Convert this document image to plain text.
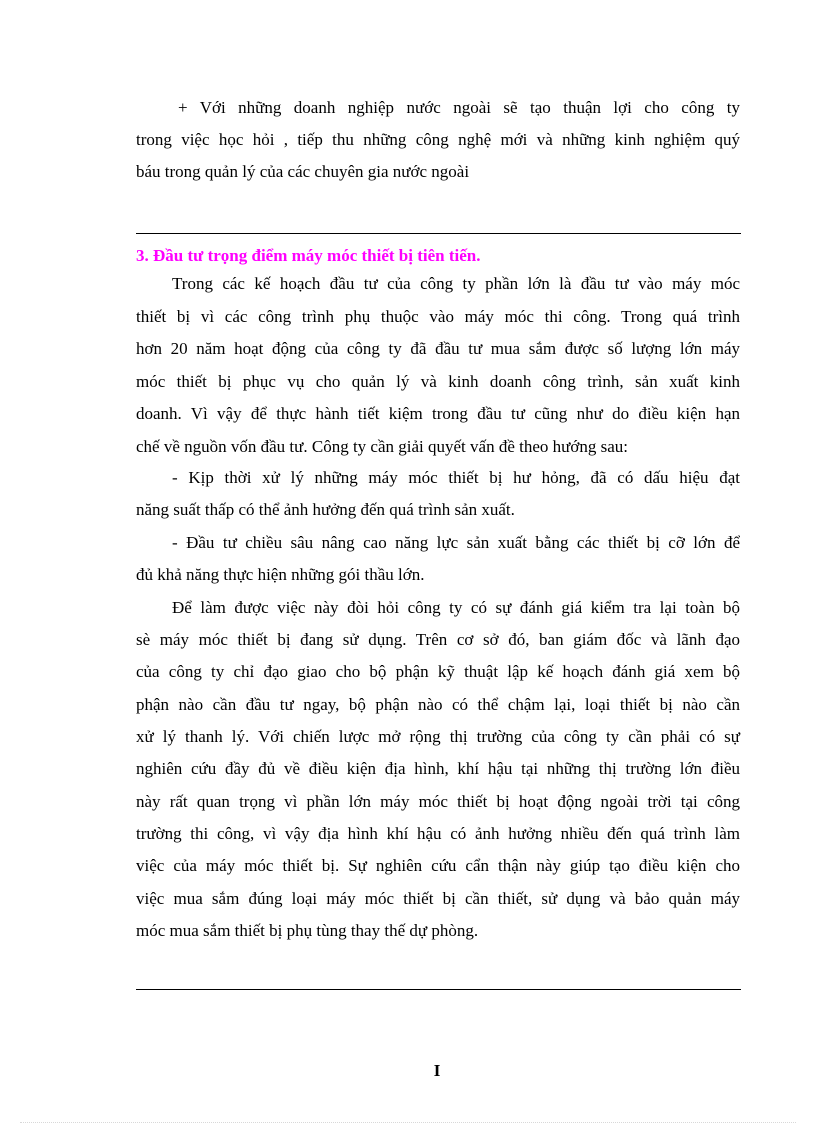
+ Với những doanh nghiệp nước ngoài sẽ tạo thuận lợi cho công ty
trong việc học hỏi , tiếp thu những công nghệ mới và những kinh nghiệm quý
báu trong quản lý của các chuyên gia nước ngoài
3. Đầu tư trọng điểm máy móc thiết bị tiên tiến.
Trong các kế hoạch đầu tư của công ty phần lớn là đầu tư vào máy móc
thiết bị vì các công trình phụ thuộc vào máy móc thi công. Trong quá trình
hơn 20 năm hoạt động của công ty đã đầu tư mua sắm được số lượng lớn máy
móc thiết bị phục vụ cho quản lý và kinh doanh công trình, sản xuất kinh
doanh. Vì vậy để thực hành tiết kiệm trong đầu tư cũng như do điều kiện hạn
chế về nguồn vốn đầu tư. Công ty cần giải quyết vấn đề theo hướng sau:
- Kịp thời xử lý những máy móc thiết bị hư hỏng, đã có dấu hiệu đạt
năng suất thấp có thể ảnh hưởng đến quá trình sản xuất.
- Đầu tư chiều sâu nâng cao năng lực sản xuất bằng các thiết bị cỡ lớn để
đủ khả năng thực hiện những gói thầu lớn.
Để làm được việc này đòi hỏi công ty có sự đánh giá kiểm tra lại toàn bộ
sè máy móc thiết bị đang sử dụng. Trên cơ sở đó, ban giám đốc và lãnh đạo
của công ty chỉ đạo giao cho bộ phận kỹ thuật lập kế hoạch đánh giá xem bộ
phận nào cần đầu tư ngay, bộ phận nào có thể chậm lại, loại thiết bị nào cần
xử lý thanh lý. Với chiến lược mở rộng thị trường của công ty cần phải có sự
nghiên cứu đầy đủ về điều kiện địa hình, khí hậu tại những thị trường lớn điều
này rất quan trọng vì phần lớn máy móc thiết bị hoạt động ngoài trời tại công
trường thi công, vì vậy địa hình khí hậu có ảnh hưởng nhiều đến quá trình làm
việc của máy móc thiết bị. Sự nghiên cứu cẩn thận này giúp tạo điều kiện cho
việc mua sắm đúng loại máy móc thiết bị cần thiết, sử dụng và bảo quản máy
móc mua sắm thiết bị phụ tùng thay thế dự phòng.
I
